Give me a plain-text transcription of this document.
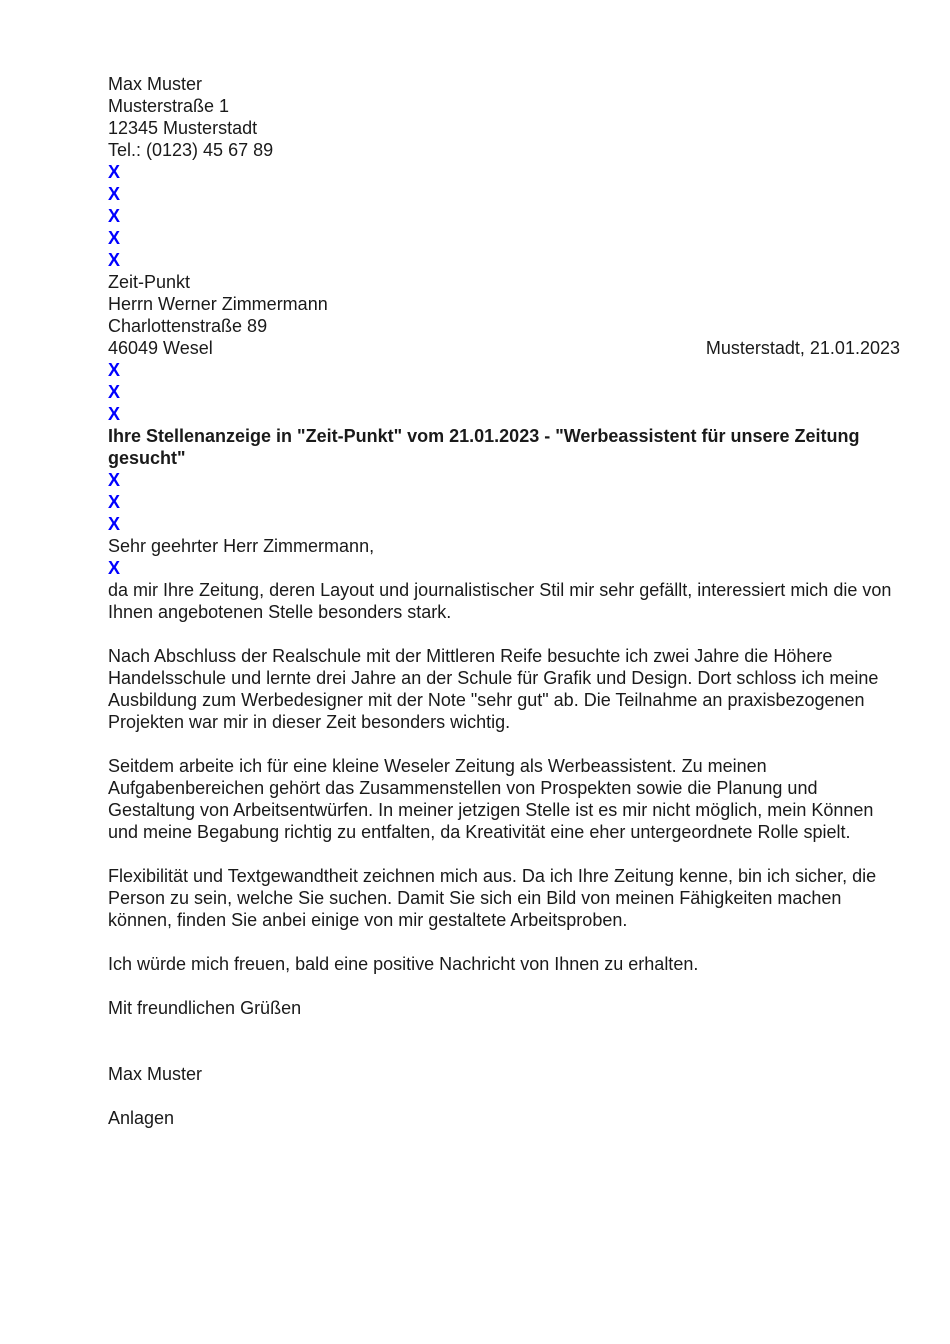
Max Muster
Musterstraße 1
12345 Musterstadt
Tel.: (0123) 45 67 89
X
X
X
X
X
Zeit-Punkt
Herrn Werner Zimmermann
Charlottenstraße 89
46049 Wesel	Musterstadt, 21.01.2023
X
X
X
Ihre Stellenanzeige in "Zeit-Punkt" vom 21.01.2023 - "Werbeassistent für unsere Zeitung gesucht"
X
X
X
Sehr geehrter Herr Zimmermann,
X

da mir Ihre Zeitung, deren Layout und journalistischer Stil mir sehr gefällt, interessiert mich die von Ihnen angebotenen Stelle besonders stark.

Nach Abschluss der Realschule mit der Mittleren Reife besuchte ich zwei Jahre die Höhere Handelsschule und lernte drei Jahre an der Schule für Grafik und Design. Dort schloss ich meine Ausbildung zum Werbedesigner mit der Note "sehr gut" ab. Die Teilnahme an praxisbezogenen Projekten war mir in dieser Zeit besonders wichtig.

Seitdem arbeite ich für eine kleine Weseler Zeitung als Werbeassistent. Zu meinen Aufgabenbereichen gehört das Zusammenstellen von Prospekten sowie die Planung und Gestaltung von Arbeitsentwürfen. In meiner jetzigen Stelle ist es mir nicht möglich, mein Können und meine Begabung richtig zu entfalten, da Kreativität eine eher untergeordnete Rolle spielt.

Flexibilität und Textgewandtheit zeichnen mich aus. Da ich Ihre Zeitung kenne, bin ich sicher, die Person zu sein, welche Sie suchen. Damit Sie sich ein Bild von meinen Fähigkeiten machen können, finden Sie anbei einige von mir gestaltete Arbeitsproben.

Ich würde mich freuen, bald eine positive Nachricht von Ihnen zu erhalten.

Mit freundlichen Grüßen
Max Muster
Anlagen
